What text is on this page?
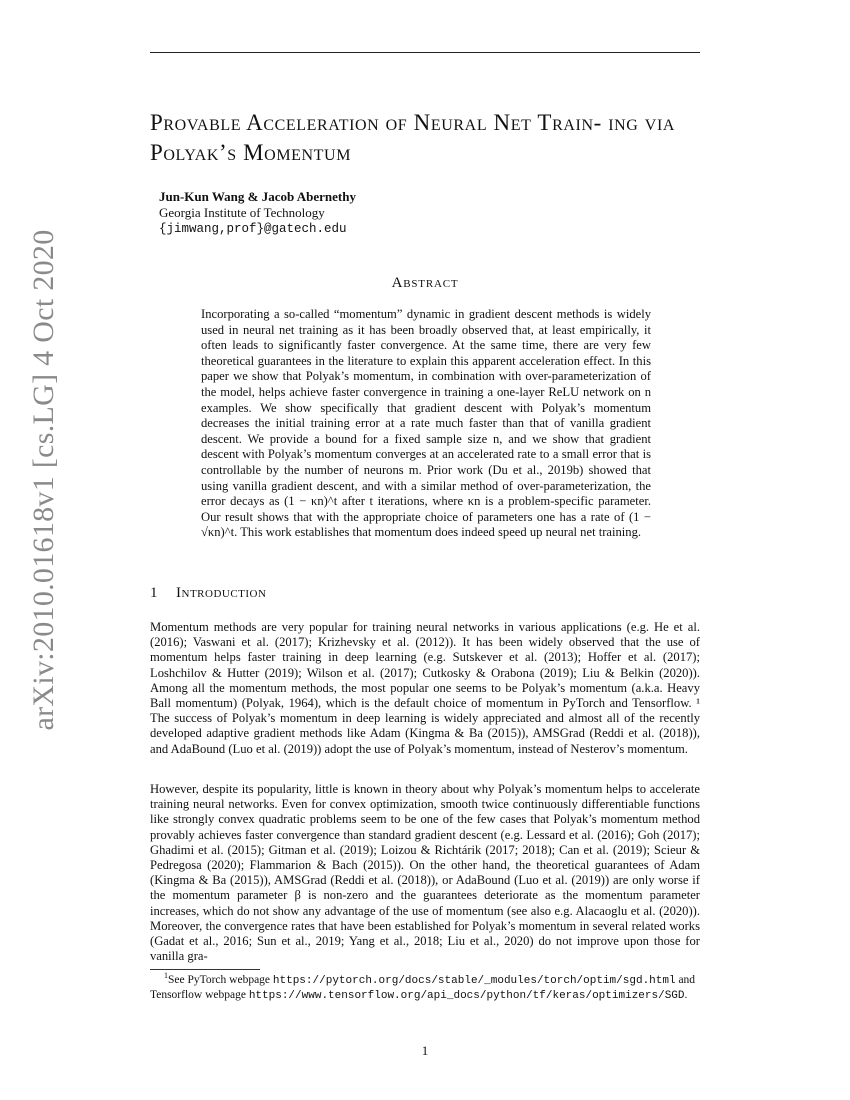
arXiv:2010.01618v1 [cs.LG] 4 Oct 2020
Provable Acceleration of Neural Net Train- ing via Polyak’s Momentum
Jun-Kun Wang & Jacob Abernethy
Georgia Institute of Technology
{jimwang,prof}@gatech.edu
Abstract

Incorporating a so-called “momentum” dynamic in gradient descent methods is widely used in neural net training as it has been broadly observed that, at least empirically, it often leads to significantly faster convergence. At the same time, there are very few theoretical guarantees in the literature to explain this apparent acceleration effect. In this paper we show that Polyak’s momentum, in combination with over-parameterization of the model, helps achieve faster convergence in training a one-layer ReLU network on n examples. We show specifically that gradient descent with Polyak’s momentum decreases the initial training error at a rate much faster than that of vanilla gradient descent. We provide a bound for a fixed sample size n, and we show that gradient descent with Polyak’s momentum converges at an accelerated rate to a small error that is controllable by the number of neurons m. Prior work (Du et al., 2019b) showed that using vanilla gradient descent, and with a similar method of over-parameterization, the error decays as (1 − κn)^t after t iterations, where κn is a problem-specific parameter. Our result shows that with the appropriate choice of parameters one has a rate of (1 − √κn)^t. This work establishes that momentum does indeed speed up neural net training.

1 Introduction

Momentum methods are very popular for training neural networks in various applications (e.g. He et al. (2016); Vaswani et al. (2017); Krizhevsky et al. (2012)). It has been widely observed that the use of momentum helps faster training in deep learning (e.g. Sutskever et al. (2013); Hoffer et al. (2017); Loshchilov & Hutter (2019); Wilson et al. (2017); Cutkosky & Orabona (2019); Liu & Belkin (2020)). Among all the momentum methods, the most popular one seems to be Polyak’s momentum (a.k.a. Heavy Ball momentum) (Polyak, 1964), which is the default choice of momentum in PyTorch and Tensorflow. ¹ The success of Polyak’s momentum in deep learning is widely appreciated and almost all of the recently developed adaptive gradient methods like Adam (Kingma & Ba (2015)), AMSGrad (Reddi et al. (2018)), and AdaBound (Luo et al. (2019)) adopt the use of Polyak’s momentum, instead of Nesterov’s momentum.

However, despite its popularity, little is known in theory about why Polyak’s momentum helps to accelerate training neural networks. Even for convex optimization, smooth twice continuously differentiable functions like strongly convex quadratic problems seem to be one of the few cases that Polyak’s momentum method provably achieves faster convergence than standard gradient descent (e.g. Lessard et al. (2016); Goh (2017); Ghadimi et al. (2015); Gitman et al. (2019); Loizou & Richtárik (2017; 2018); Can et al. (2019); Scieur & Pedregosa (2020); Flammarion & Bach (2015)). On the other hand, the theoretical guarantees of Adam (Kingma & Ba (2015)), AMSGrad (Reddi et al. (2018)), or AdaBound (Luo et al. (2019)) are only worse if the momentum parameter β is non-zero and the guarantees deteriorate as the momentum parameter increases, which do not show any advantage of the use of momentum (see also e.g. Alacaoglu et al. (2020)). Moreover, the convergence rates that have been established for Polyak’s momentum in several related works (Gadat et al., 2016; Sun et al., 2019; Yang et al., 2018; Liu et al., 2020) do not improve upon those for vanilla gra-

$^1$See PyTorch webpage https://pytorch.org/docs/stable/_modules/torch/optim/sgd.html and Tensorflow webpage https://www.tensorflow.org/api_docs/python/tf/keras/optimizers/SGD.

1
